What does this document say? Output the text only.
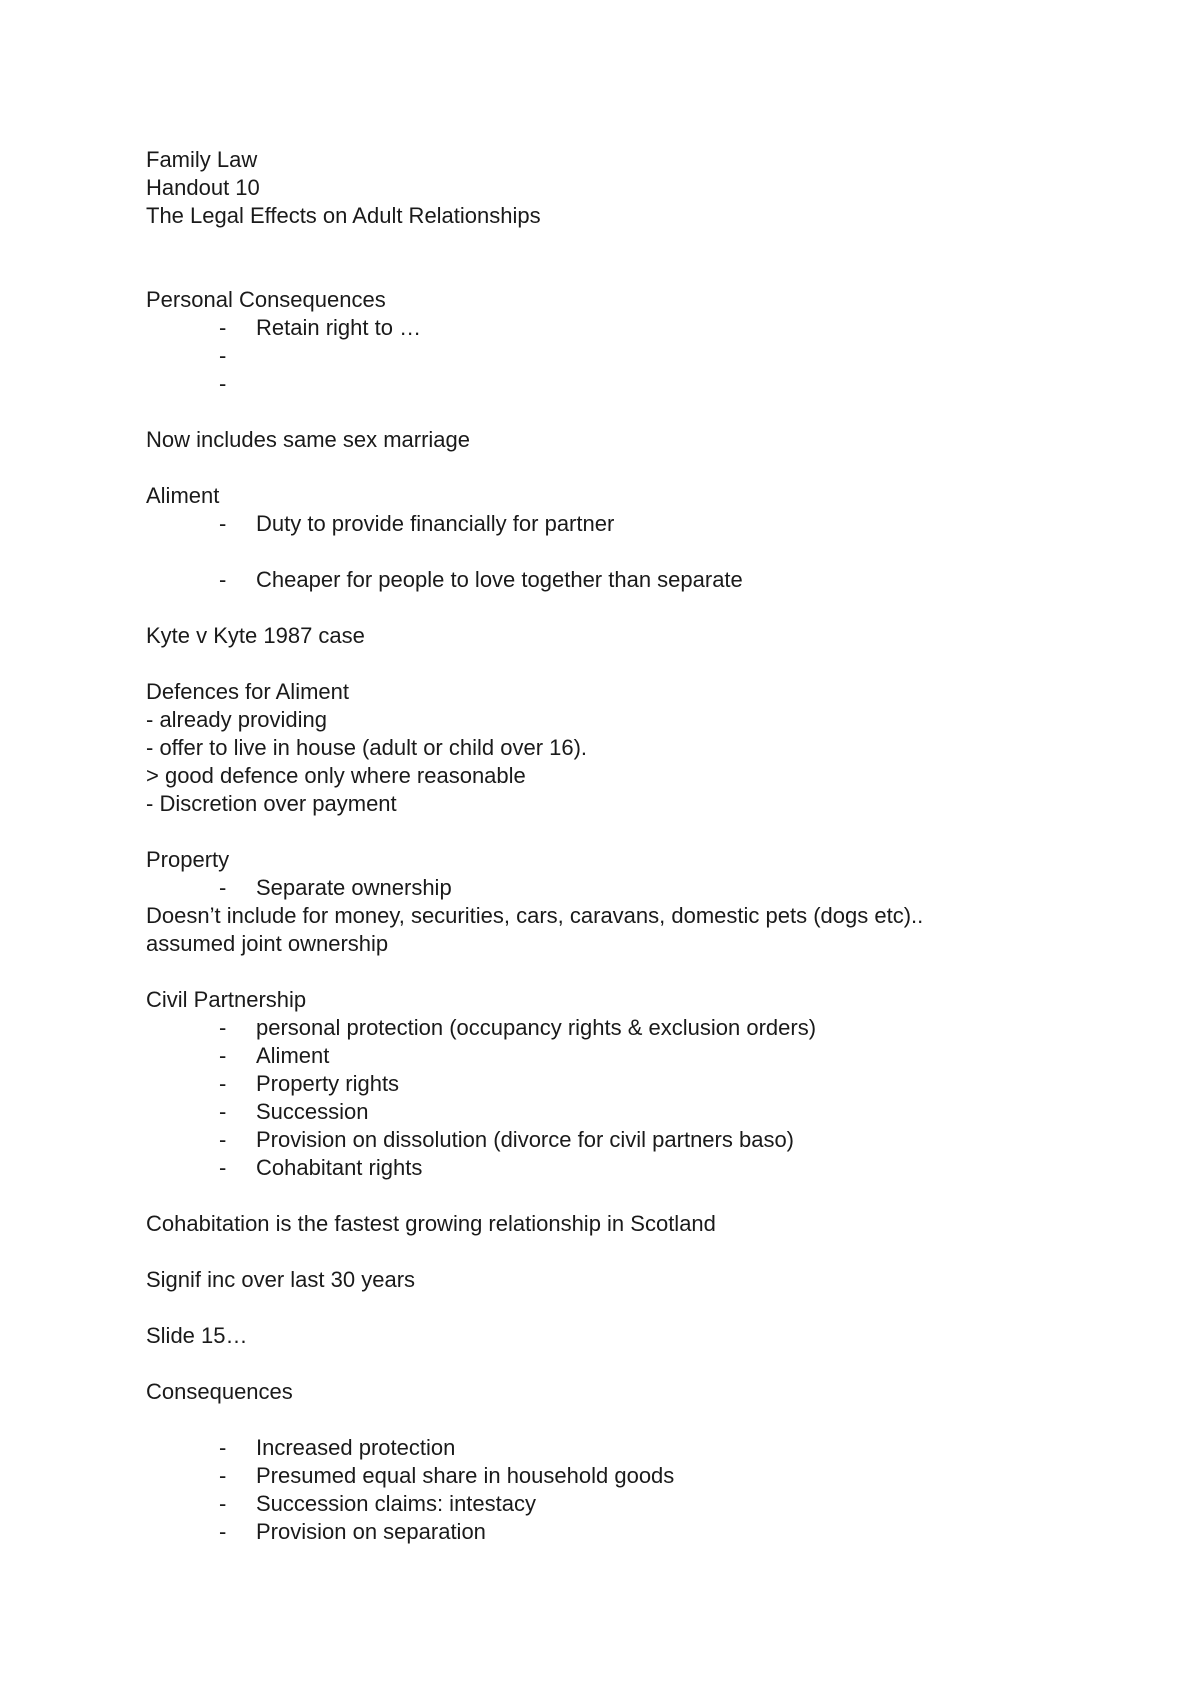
Family Law
Handout 10
The Legal Effects on Adult Relationships
Personal Consequences

-

Retain right to …

-

-

Now includes same sex marriage
Aliment

-

Duty to provide financially for partner

-

Cheaper for people to love together than separate

Kyte v Kyte 1987 case
Defences for Aliment
- already providing
- offer to live in house (adult or child over 16).
> good defence only where reasonable
- Discretion over payment
Property

-

Separate ownership

Doesn’t include for money, securities, cars, caravans, domestic pets (dogs etc)..
assumed joint ownership
Civil Partnership

-

personal protection (occupancy rights & exclusion orders)

-

Aliment

-

Property rights

-

Succession

-

Provision on dissolution (divorce for civil partners baso)

-

Cohabitant rights

Cohabitation is the fastest growing relationship in Scotland
Signif inc over last 30 years
Slide 15…
Consequences

-

Increased protection

-

Presumed equal share in household goods

-

Succession claims: intestacy

-

Provision on separation
